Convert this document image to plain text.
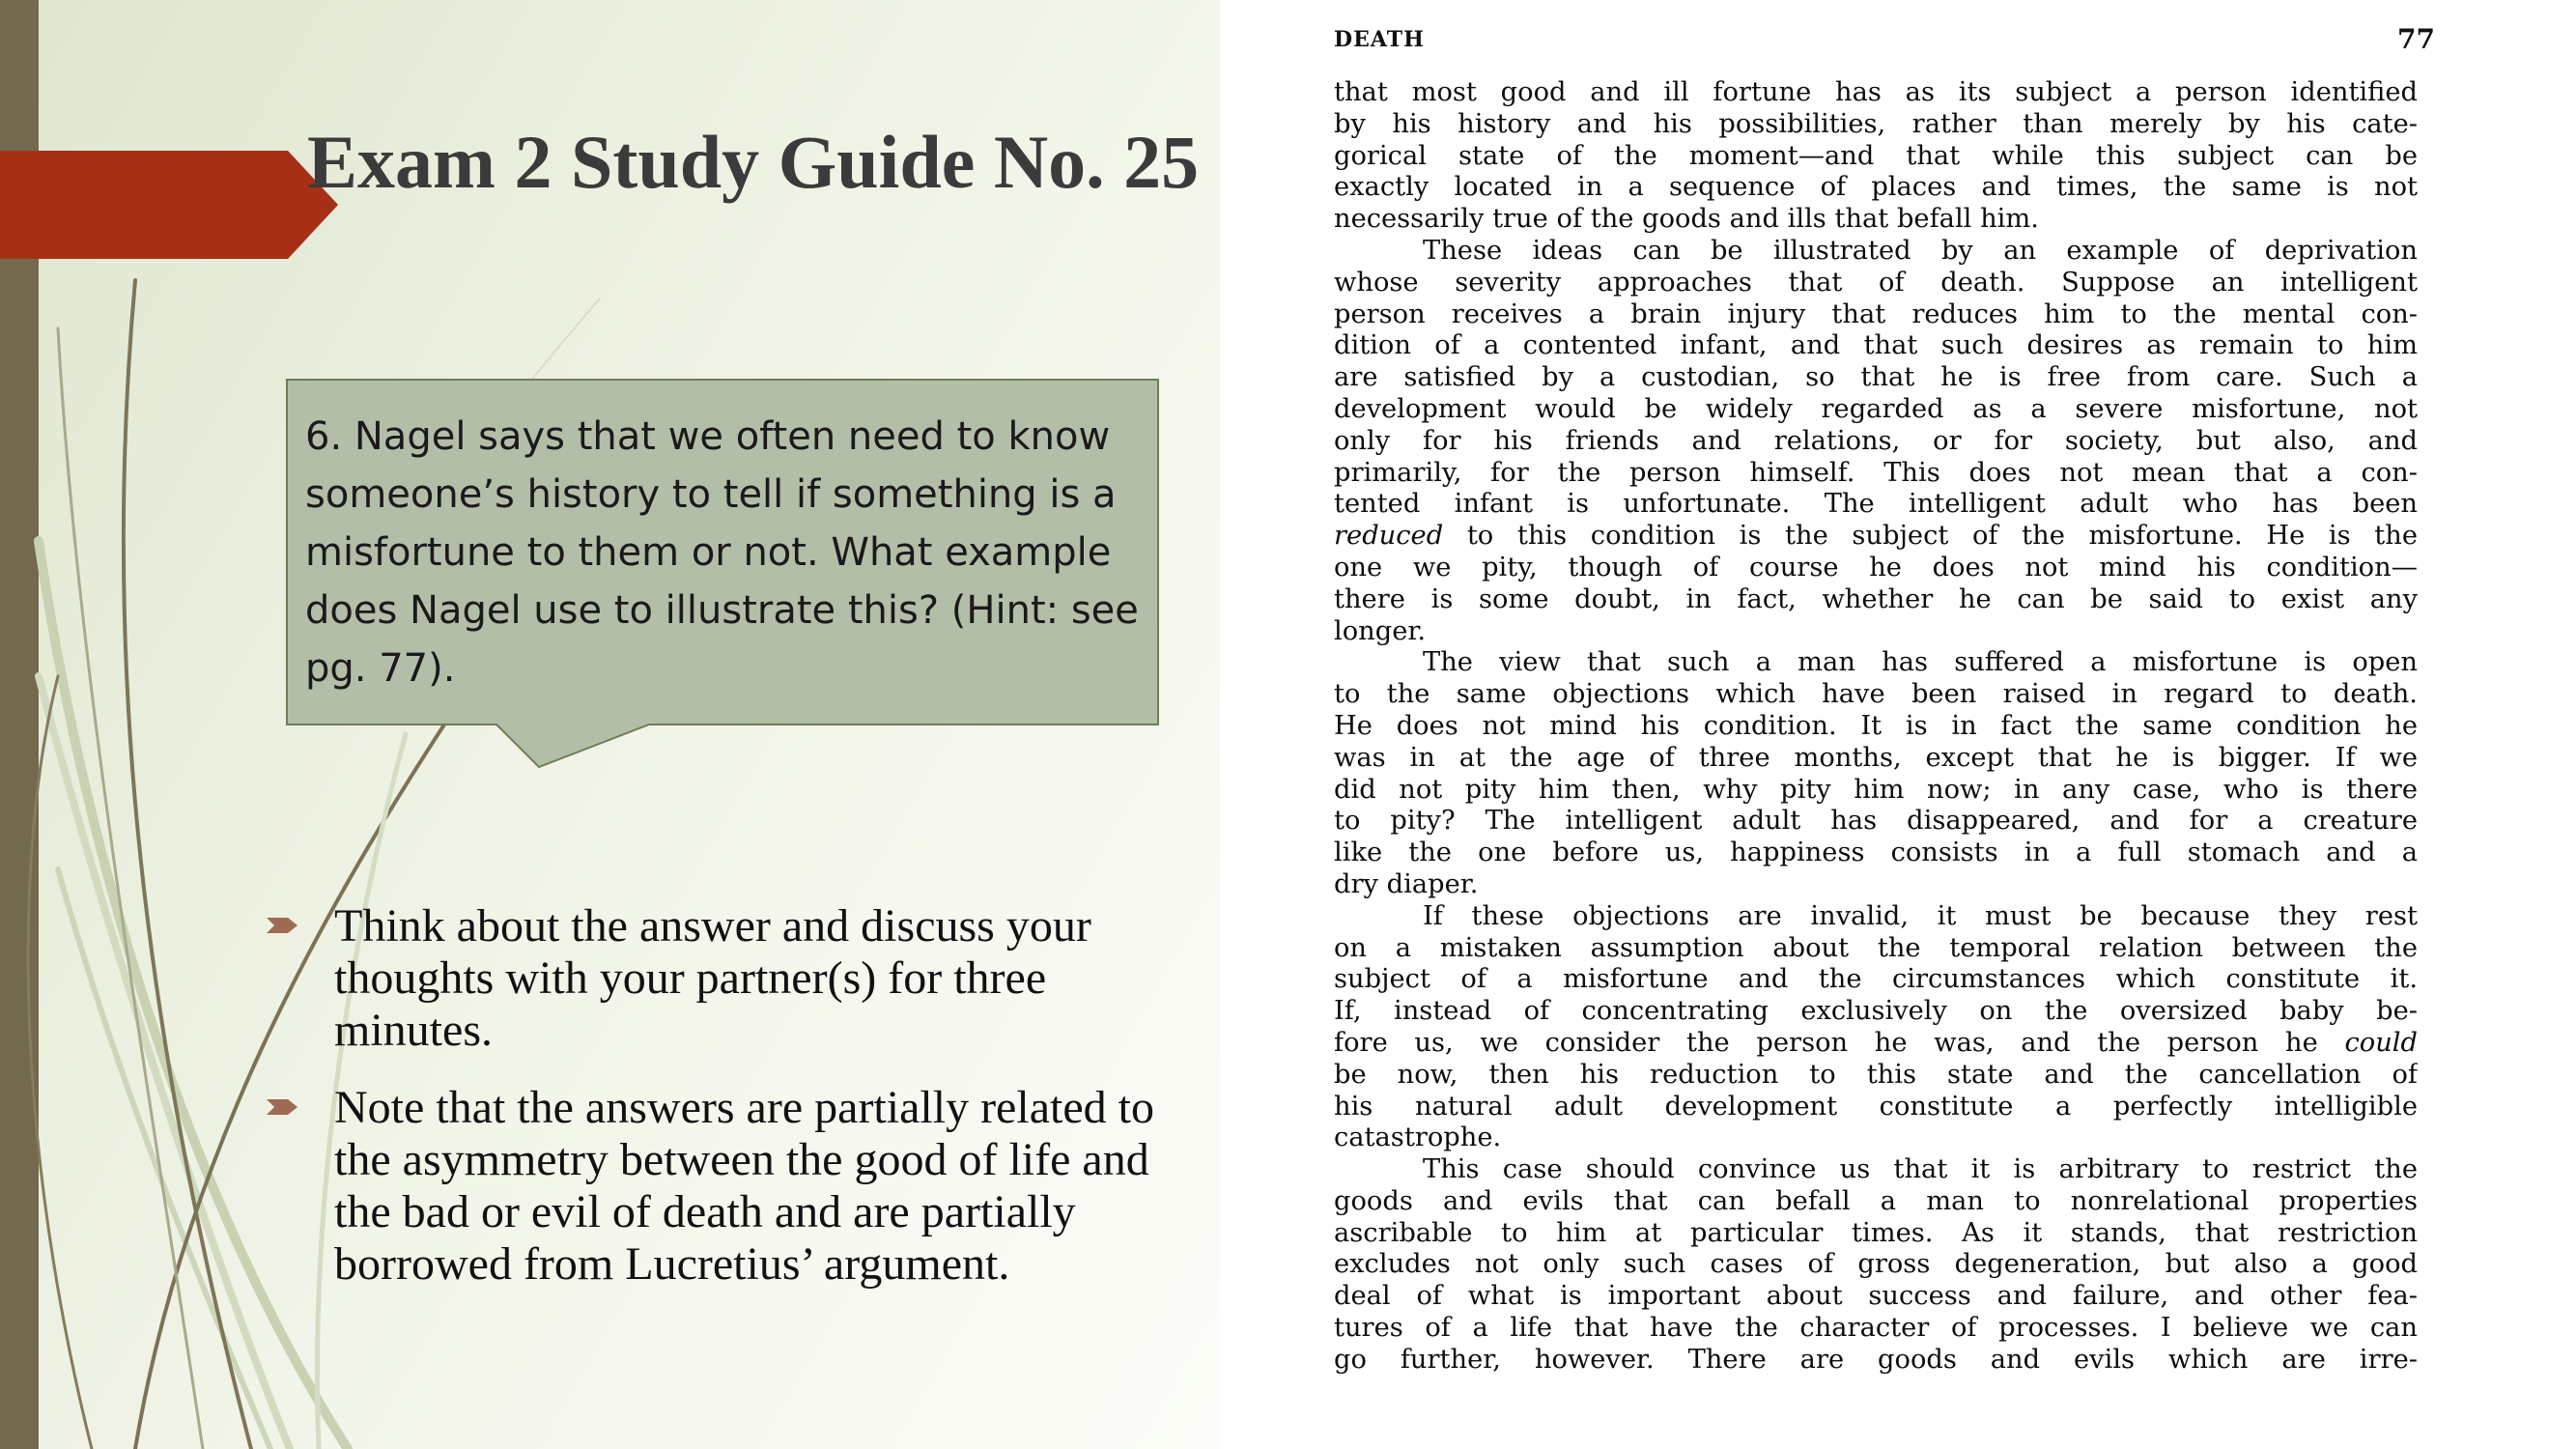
Exam 2 Study Guide No. 25

6. Nagel says that we often need to know someone’s history to tell if something is a misfortune to them or not. What example does Nagel use to illustrate this? (Hint: see pg. 77).

Think about the answer and discuss your thoughts with your partner(s) for three minutes.
Note that the answers are partially related to the asymmetry between the good of life and the bad or evil of death and are partially borrowed from Lucretius’ argument.
DEATH	77
that most good and ill fortune has as its subject a person identified
by his history and his possibilities, rather than merely by his cate-
gorical state of the moment—and that while this subject can be
exactly located in a sequence of places and times, the same is not
necessarily true of the goods and ills that befall him.
These ideas can be illustrated by an example of deprivation
whose severity approaches that of death. Suppose an intelligent
person receives a brain injury that reduces him to the mental con-
dition of a contented infant, and that such desires as remain to him
are satisfied by a custodian, so that he is free from care. Such a
development would be widely regarded as a severe misfortune, not
only for his friends and relations, or for society, but also, and
primarily, for the person himself. This does not mean that a con-
tented infant is unfortunate. The intelligent adult who has been
reduced to this condition is the subject of the misfortune. He is the
one we pity, though of course he does not mind his condition—
there is some doubt, in fact, whether he can be said to exist any
longer.
The view that such a man has suffered a misfortune is open
to the same objections which have been raised in regard to death.
He does not mind his condition. It is in fact the same condition he
was in at the age of three months, except that he is bigger. If we
did not pity him then, why pity him now; in any case, who is there
to pity? The intelligent adult has disappeared, and for a creature
like the one before us, happiness consists in a full stomach and a
dry diaper.
If these objections are invalid, it must be because they rest
on a mistaken assumption about the temporal relation between the
subject of a misfortune and the circumstances which constitute it.
If, instead of concentrating exclusively on the oversized baby be-
fore us, we consider the person he was, and the person he could
be now, then his reduction to this state and the cancellation of
his natural adult development constitute a perfectly intelligible
catastrophe.
This case should convince us that it is arbitrary to restrict the
goods and evils that can befall a man to nonrelational properties
ascribable to him at particular times. As it stands, that restriction
excludes not only such cases of gross degeneration, but also a good
deal of what is important about success and failure, and other fea-
tures of a life that have the character of processes. I believe we can
go further, however. There are goods and evils which are irre-
